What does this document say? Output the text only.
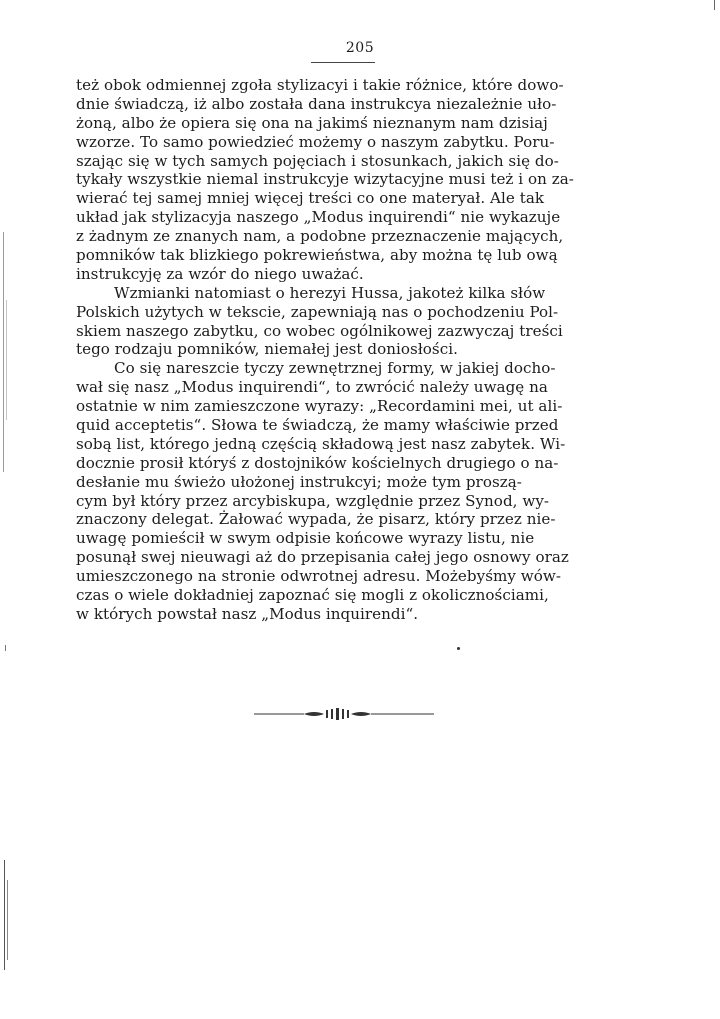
205
też obok odmiennej zgoła stylizacyi i takie różnice, które dowo-
dnie świadczą, iż albo została dana instrukcya niezależnie uło-
żoną, albo że opiera się ona na jakimś nieznanym nam dzisiaj
wzorze. To samo powiedzieć możemy o naszym zabytku. Poru-
szając się w tych samych pojęciach i stosunkach, jakich się do-
tykały wszystkie niemal instrukcyje wizytacyjne musi też i on za-
wierać tej samej mniej więcej treści co one materyał. Ale tak
układ jak stylizacyja naszego „Modus inquirendi“ nie wykazuje
z żadnym ze znanych nam, a podobne przeznaczenie mających,
pomników tak blizkiego pokrewieństwa, aby można tę lub ową
instrukcyję za wzór do niego uważać.
Wzmianki natomiast o herezyi Hussa, jakoteż kilka słów
Polskich użytych w tekscie, zapewniają nas o pochodzeniu Pol-
skiem naszego zabytku, co wobec ogólnikowej zazwyczaj treści
tego rodzaju pomników, niemałej jest doniosłości.
Co się nareszcie tyczy zewnętrznej formy, w jakiej docho-
wał się nasz „Modus inquirendi“, to zwrócić należy uwagę na
ostatnie w nim zamieszczone wyrazy: „Recordamini mei, ut ali-
quid acceptetis“. Słowa te świadczą, że mamy właściwie przed
sobą list, którego jedną częścią składową jest nasz zabytek. Wi-
docznie prosił któryś z dostojników kościelnych drugiego o na-
desłanie mu świeżo ułożonej instrukcyi; może tym proszą-
cym był który przez arcybiskupa, względnie przez Synod, wy-
znaczony delegat. Żałować wypada, że pisarz, który przez nie-
uwagę pomieścił w swym odpisie końcowe wyrazy listu, nie
posunął swej nieuwagi aż do przepisania całej jego osnowy oraz
umieszczonego na stronie odwrotnej adresu. Możebyśmy wów-
czas o wiele dokładniej zapoznać się mogli z okolicznościami,
w których powstał nasz „Modus inquirendi“.
